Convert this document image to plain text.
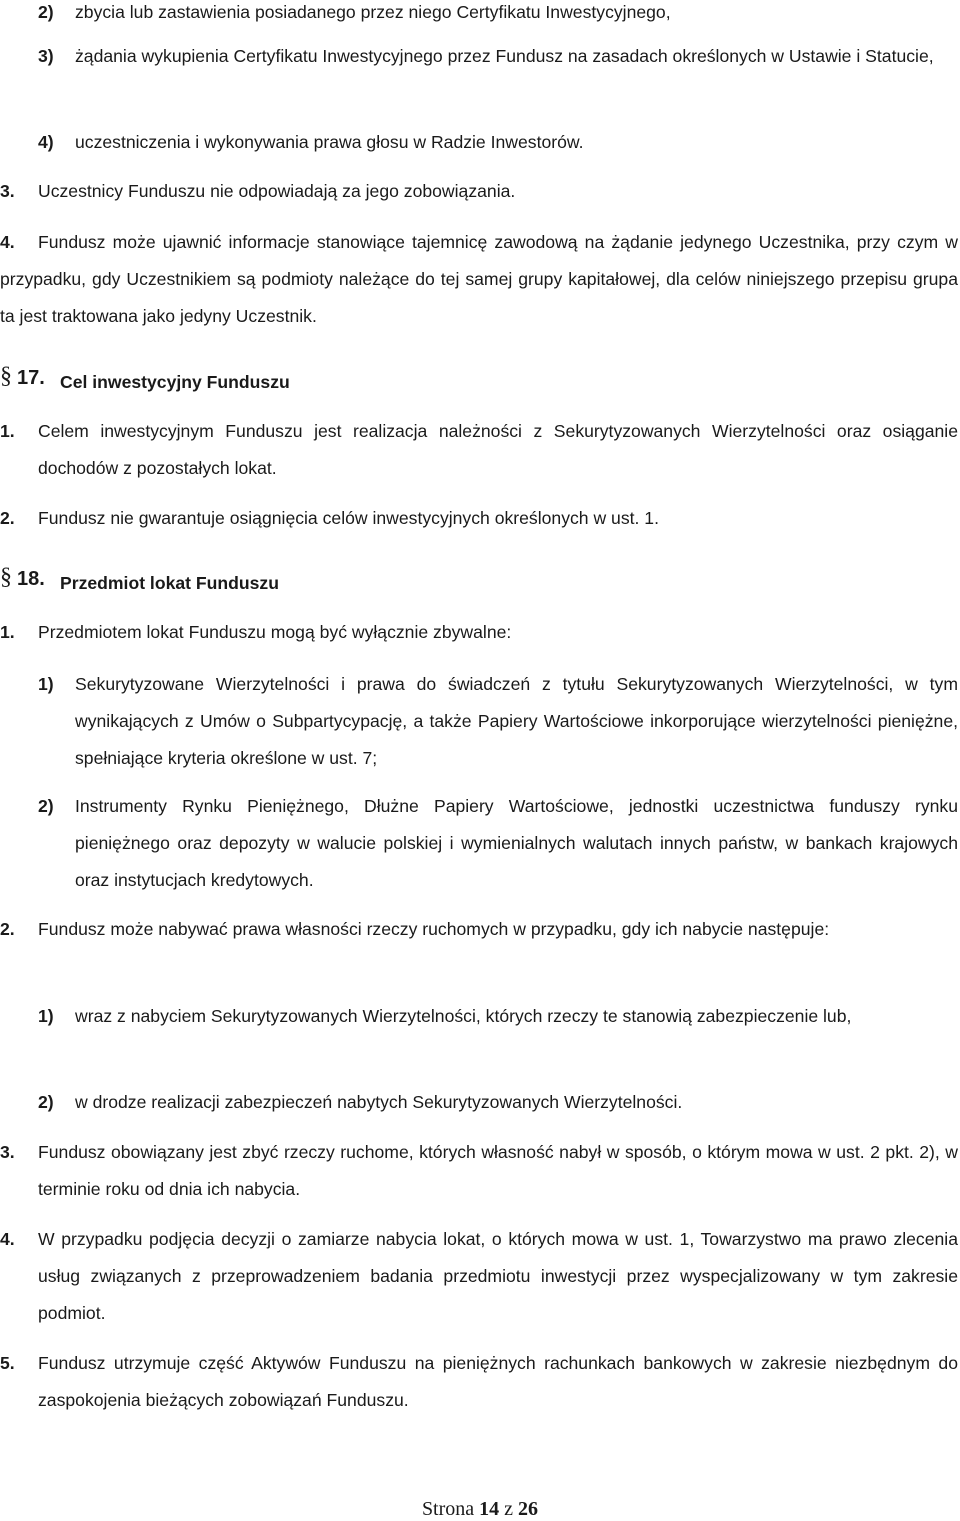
2) zbycia lub zastawienia posiadanego przez niego Certyfikatu Inwestycyjnego,
3) żądania wykupienia Certyfikatu Inwestycyjnego przez Fundusz na zasadach określonych w Ustawie i Statucie,
4) uczestniczenia i wykonywania prawa głosu w Radzie Inwestorów.
3. Uczestnicy Funduszu nie odpowiadają za jego zobowiązania.
4.	Fundusz może ujawnić informacje stanowiące tajemnicę zawodową na żądanie jedynego Uczestnika, przy czym w przypadku, gdy Uczestnikiem są podmioty należące do tej samej grupy kapitałowej, dla celów niniejszego przepisu grupa ta jest traktowana jako jedyny Uczestnik.
§ 17. Cel inwestycyjny Funduszu
1. Celem inwestycyjnym Funduszu jest realizacja należności z Sekurytyzowanych Wierzytelności oraz osiąganie dochodów z pozostałych lokat.
2. Fundusz nie gwarantuje osiągnięcia celów inwestycyjnych określonych w ust. 1.
§ 18. Przedmiot lokat Funduszu
1. Przedmiotem lokat Funduszu mogą być wyłącznie zbywalne:
1) Sekurytyzowane Wierzytelności i prawa do świadczeń z tytułu Sekurytyzowanych Wierzytelności, w tym wynikających z Umów o Subpartycypację, a także Papiery Wartościowe inkorporujące wierzytelności pieniężne, spełniające kryteria określone w ust. 7;
2) Instrumenty Rynku Pieniężnego, Dłużne Papiery Wartościowe, jednostki uczestnictwa funduszy rynku pieniężnego oraz depozyty w walucie polskiej i wymienialnych walutach innych państw, w bankach krajowych oraz instytucjach kredytowych.
2.	Fundusz może nabywać prawa własności rzeczy ruchomych w przypadku, gdy ich nabycie następuje:
1) wraz z nabyciem Sekurytyzowanych Wierzytelności, których rzeczy te stanowią zabezpieczenie lub,
2) w drodze realizacji zabezpieczeń nabytych Sekurytyzowanych Wierzytelności.
3. Fundusz obowiązany jest zbyć rzeczy ruchome, których własność nabył w sposób, o którym mowa w ust. 2 pkt. 2), w terminie roku od dnia ich nabycia.
4. W przypadku podjęcia decyzji o zamiarze nabycia lokat, o których mowa w ust. 1, Towarzystwo ma prawo zlecenia usług związanych z przeprowadzeniem badania przedmiotu inwestycji przez wyspecjalizowany w tym zakresie podmiot.
5. Fundusz utrzymuje część Aktywów Funduszu na pieniężnych rachunkach bankowych w zakresie niezbędnym do zaspokojenia bieżących zobowiązań Funduszu.
Strona 14 z 26
